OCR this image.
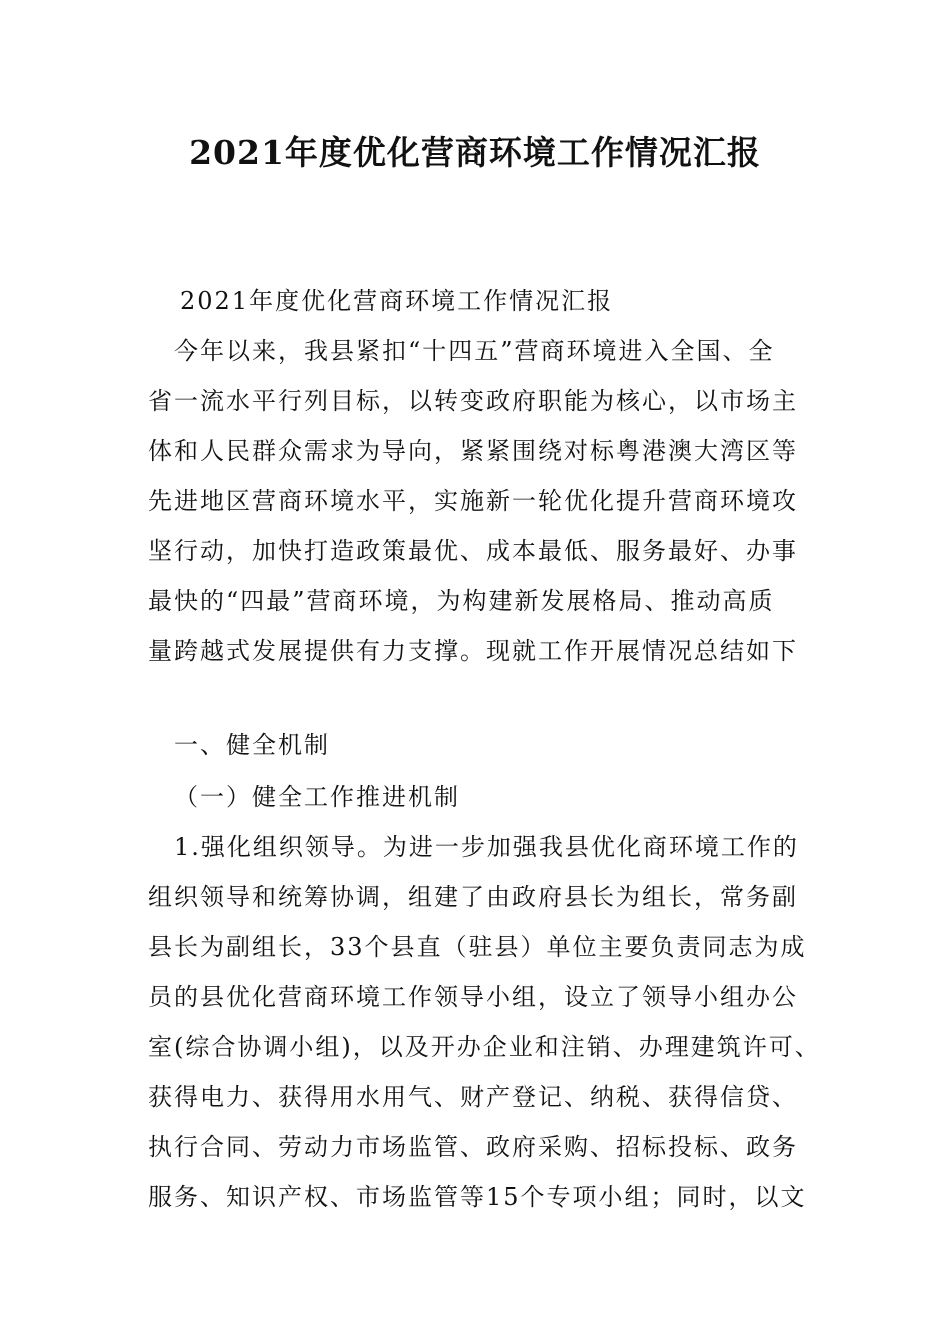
2021年度优化营商环境工作情况汇报

2021年度优化营商环境工作情况汇报

今年以来，我县紧扣“十四五”营商环境进入全国、全
省一流水平行列目标，以转变政府职能为核心，以市场主
体和人民群众需求为导向，紧紧围绕对标粤港澳大湾区等
先进地区营商环境水平，实施新一轮优化提升营商环境攻
坚行动，加快打造政策最优、成本最低、服务最好、办事
最快的“四最”营商环境，为构建新发展格局、推动高质
量跨越式发展提供有力支撑。现就工作开展情况总结如下

一、健全机制

（一）健全工作推进机制

1.强化组织领导。为进一步加强我县优化商环境工作的
组织领导和统筹协调，组建了由政府县长为组长，常务副
县长为副组长，33个县直（驻县）单位主要负责同志为成
员的县优化营商环境工作领导小组，设立了领导小组办公
室(综合协调小组)，以及开办企业和注销、办理建筑许可、
获得电力、获得用水用气、财产登记、纳税、获得信贷、
执行合同、劳动力市场监管、政府采购、招标投标、政务
服务、知识产权、市场监管等15个专项小组；同时，以文
